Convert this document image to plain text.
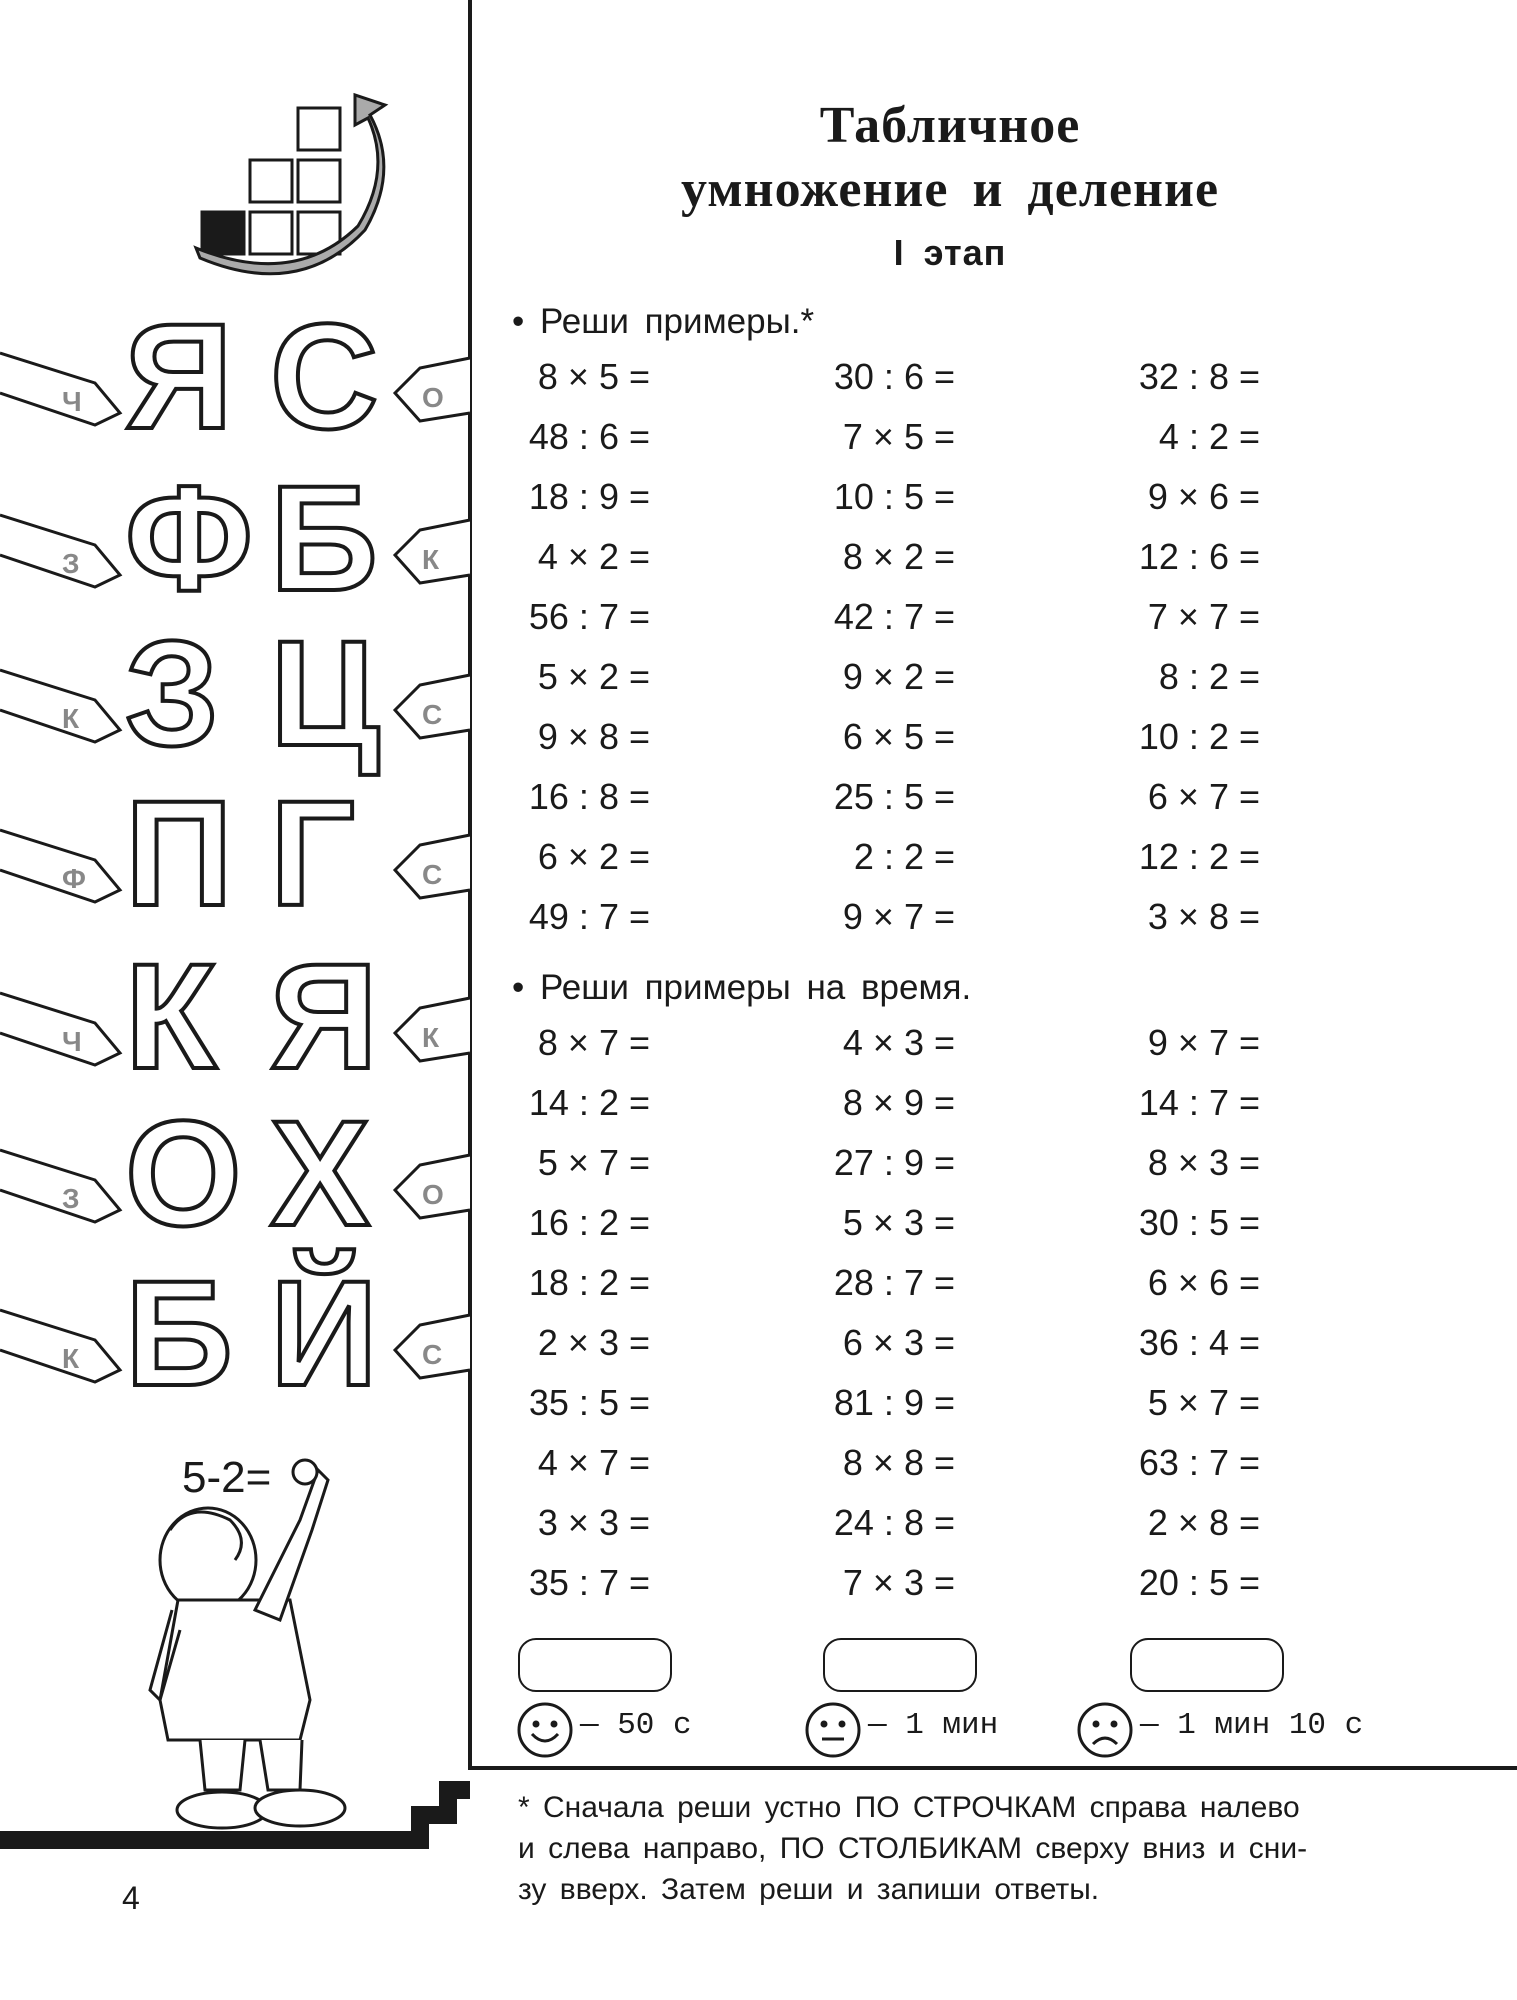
Я С
Ф Б
З Ц
П Г
К Я
О Х
Б Й
Ч	О
З	К
К	С
Ф	С
Ч	К
З	О
К	С
5-2=
Табличное
умножение и деление
I этап
• Реши примеры.*
8 × 5 =	30 : 6 =	32 : 8 =
48 : 6 =	7 × 5 =	4 : 2 =
18 : 9 =	10 : 5 =	9 × 6 =
4 × 2 =	8 × 2 =	12 : 6 =
56 : 7 =	42 : 7 =	7 × 7 =
5 × 2 =	9 × 2 =	8 : 2 =
9 × 8 =	6 × 5 =	10 : 2 =
16 : 8 =	25 : 5 =	6 × 7 =
6 × 2 =	2 : 2 =	12 : 2 =
49 : 7 =	9 × 7 =	3 × 8 =
• Реши примеры на время.
8 × 7 =	4 × 3 =	9 × 7 =
14 : 2 =	8 × 9 =	14 : 7 =
5 × 7 =	27 : 9 =	8 × 3 =
16 : 2 =	5 × 3 =	30 : 5 =
18 : 2 =	28 : 7 =	6 × 6 =
2 × 3 =	6 × 3 =	36 : 4 =
35 : 5 =	81 : 9 =	5 × 7 =
4 × 7 =	8 × 8 =	63 : 7 =
3 × 3 =	24 : 8 =	2 × 8 =
35 : 7 =	7 × 3 =	20 : 5 =
— 50 с	— 1 мин	— 1 мин 10 с
* Сначала реши устно ПО СТРОЧКАМ справа налево
и слева направо, ПО СТОЛБИКАМ сверху вниз и сни-
зу вверх. Затем реши и запиши ответы.
4
